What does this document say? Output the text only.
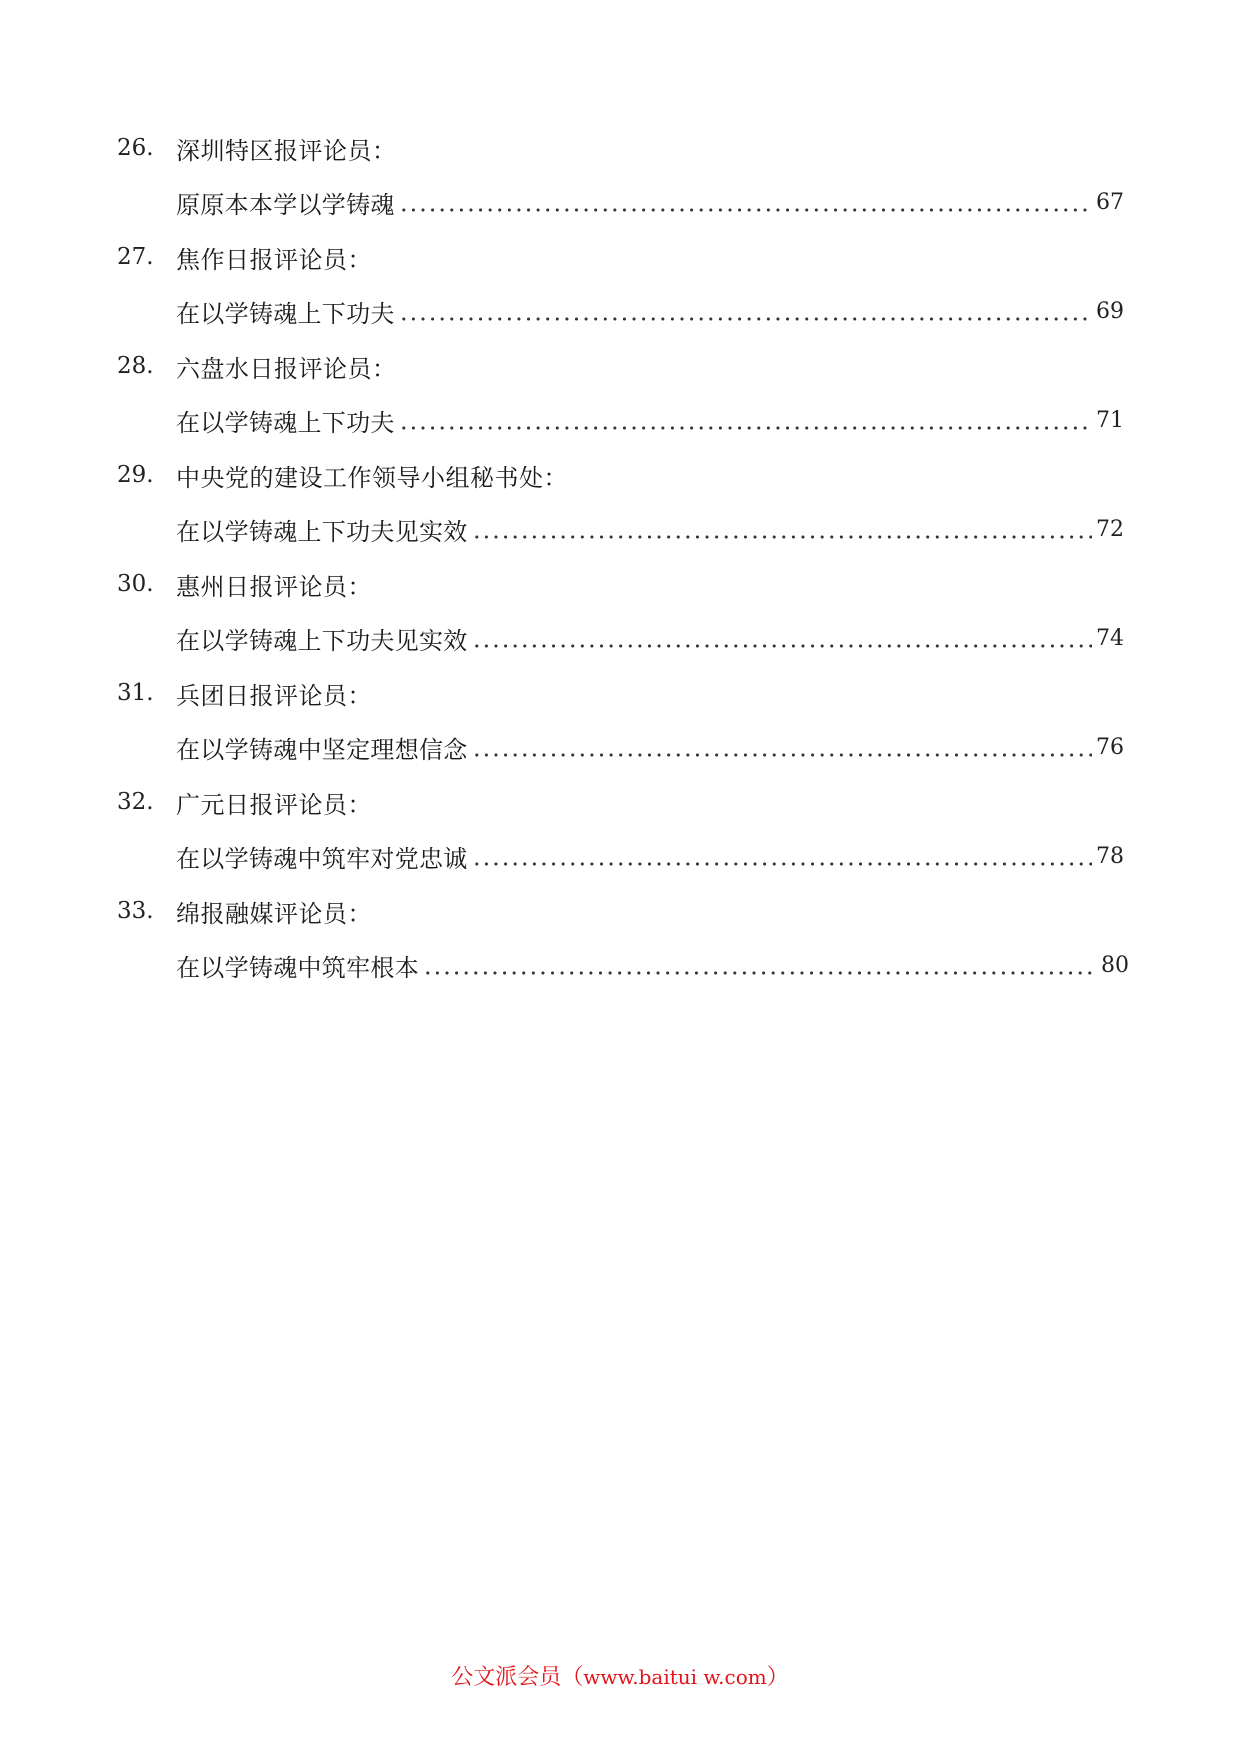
26. 深圳特区报评论员：
原原本本学以学铸魂	67
27. 焦作日报评论员：
在以学铸魂上下功夫	69
28. 六盘水日报评论员：
在以学铸魂上下功夫	71
29. 中央党的建设工作领导小组秘书处：
在以学铸魂上下功夫见实效	72
30. 惠州日报评论员：
在以学铸魂上下功夫见实效	74
31. 兵团日报评论员：
在以学铸魂中坚定理想信念	76
32. 广元日报评论员：
在以学铸魂中筑牢对党忠诚	78
33. 绵报融媒评论员：
在以学铸魂中筑牢根本	80
公文派会员（www.baitui w.com）
